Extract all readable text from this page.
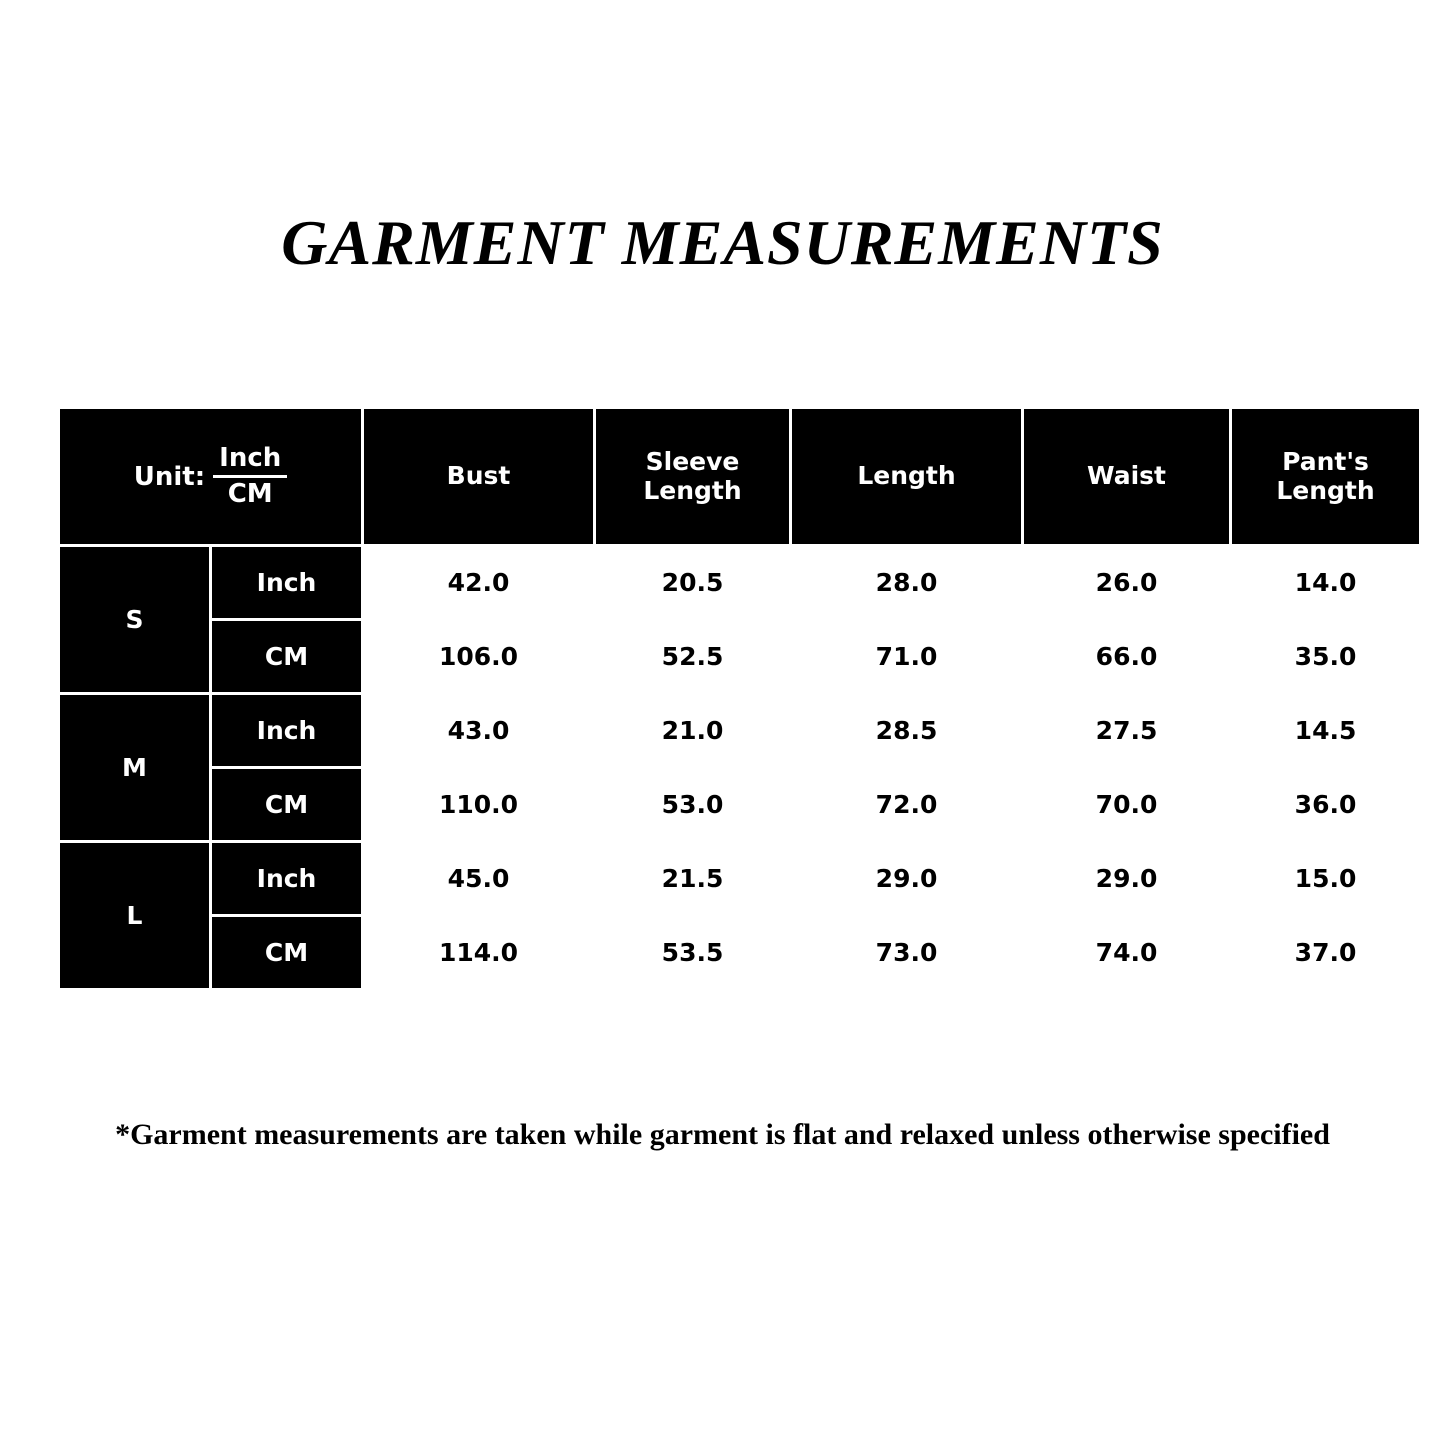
GARMENT MEASUREMENTS
Unit: $\frac{\text{Inch}}{CM}$		Bust	Sleeve Length	Length	Waist	Pant's Length
S	Inch	42.0	20.5	28.0	26.0	14.0
	CM	106.0	52.5	71.0	66.0	35.0
M	Inch	43.0	21.0	28.5	27.5	14.5
	CM	110.0	53.0	72.0	70.0	36.0
L	Inch	45.0	21.5	29.0	29.0	15.0
	CM	114.0	53.5	73.0	74.0	37.0
*Garment measurements are taken while garment is flat and relaxed unless otherwise specified
